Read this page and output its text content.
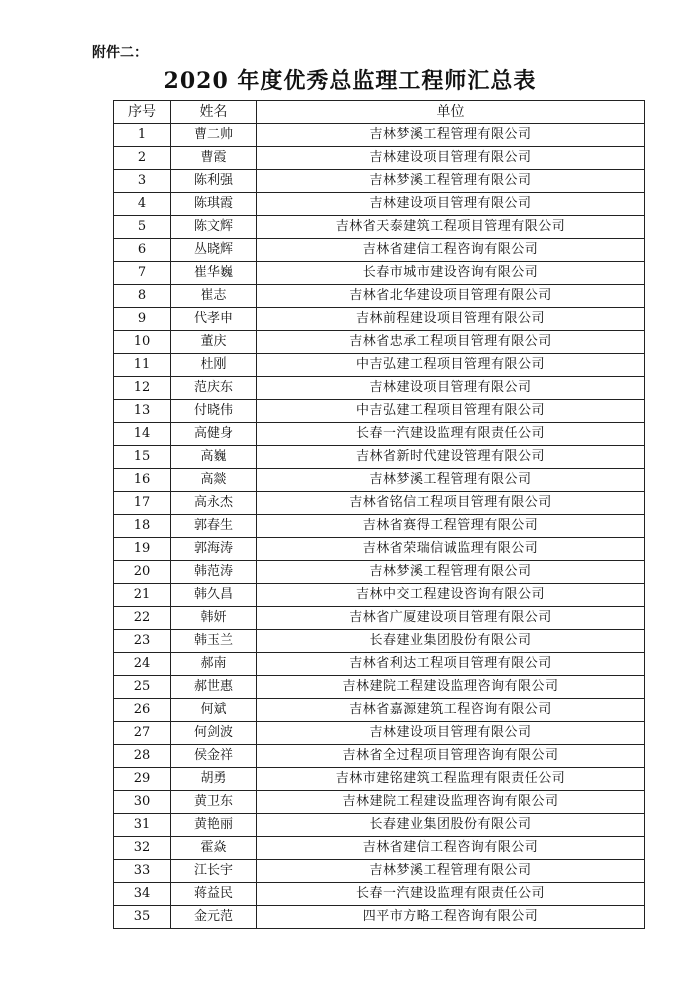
附件二：
2020 年度优秀总监理工程师汇总表
序号	姓名	单位
1	曹二帅	吉林梦溪工程管理有限公司
2	曹霞	吉林建设项目管理有限公司
3	陈利强	吉林梦溪工程管理有限公司
4	陈琪霞	吉林建设项目管理有限公司
5	陈文辉	吉林省天泰建筑工程项目管理有限公司
6	丛晓辉	吉林省建信工程咨询有限公司
7	崔华巍	长春市城市建设咨询有限公司
8	崔志	吉林省北华建设项目管理有限公司
9	代孝申	吉林前程建设项目管理有限公司
10	董庆	吉林省忠承工程项目管理有限公司
11	杜刚	中吉弘建工程项目管理有限公司
12	范庆东	吉林建设项目管理有限公司
13	付晓伟	中吉弘建工程项目管理有限公司
14	高健身	长春一汽建设监理有限责任公司
15	高巍	吉林省新时代建设管理有限公司
16	高燚	吉林梦溪工程管理有限公司
17	高永杰	吉林省铭信工程项目管理有限公司
18	郭春生	吉林省赛得工程管理有限公司
19	郭海涛	吉林省荣瑞信诚监理有限公司
20	韩范涛	吉林梦溪工程管理有限公司
21	韩久昌	吉林中交工程建设咨询有限公司
22	韩妍	吉林省广厦建设项目管理有限公司
23	韩玉兰	长春建业集团股份有限公司
24	郝南	吉林省利达工程项目管理有限公司
25	郝世惠	吉林建院工程建设监理咨询有限公司
26	何斌	吉林省嘉源建筑工程咨询有限公司
27	何剑波	吉林建设项目管理有限公司
28	侯金祥	吉林省全过程项目管理咨询有限公司
29	胡勇	吉林市建铭建筑工程监理有限责任公司
30	黄卫东	吉林建院工程建设监理咨询有限公司
31	黄艳丽	长春建业集团股份有限公司
32	霍焱	吉林省建信工程咨询有限公司
33	江长宇	吉林梦溪工程管理有限公司
34	蒋益民	长春一汽建设监理有限责任公司
35	金元范	四平市方略工程咨询有限公司
